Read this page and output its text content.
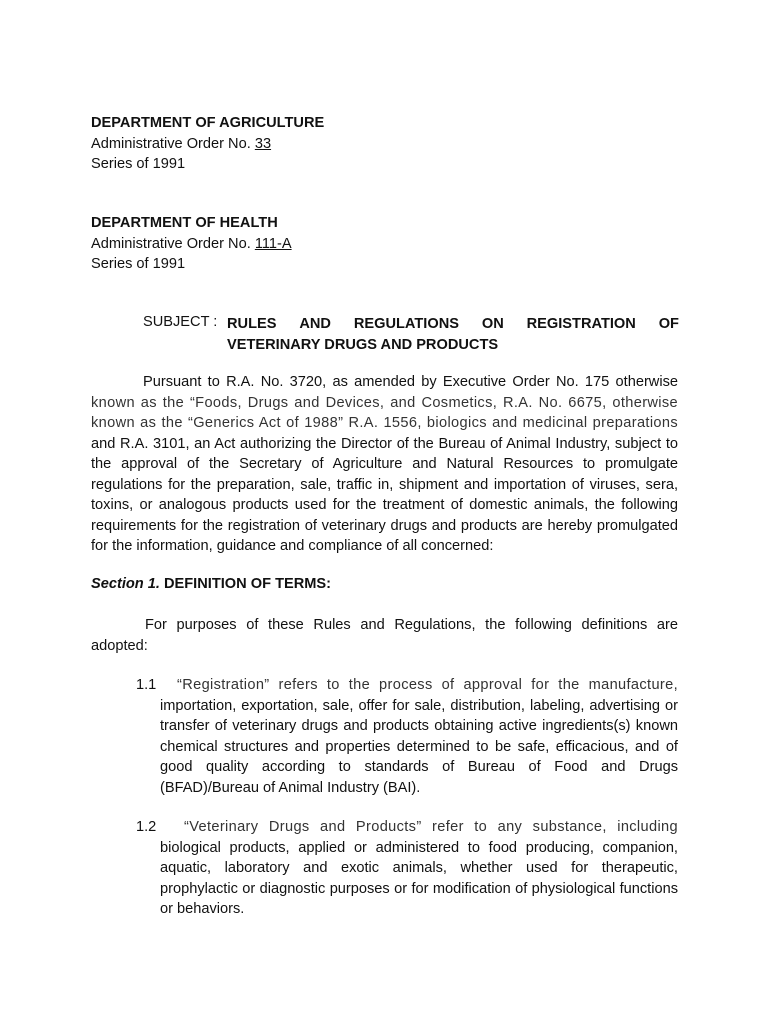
DEPARTMENT OF AGRICULTURE
Administrative Order No. 33
Series of 1991
DEPARTMENT OF HEALTH
Administrative Order No. 111-A
Series of 1991
SUBJECT : RULES AND REGULATIONS ON REGISTRATION OF
VETERINARY DRUGS AND PRODUCTS
Pursuant to R.A. No. 3720, as amended by Executive Order No. 175 otherwise known as the “Foods, Drugs and Devices, and Cosmetics, R.A. No. 6675, otherwise known as the “Generics Act of 1988” R.A. 1556, biologics and medicinal preparations and R.A. 3101, an Act authorizing the Director of the Bureau of Animal Industry, subject to the approval of the Secretary of Agriculture and Natural Resources to promulgate regulations for the preparation, sale, traffic in, shipment and importation of viruses, sera, toxins, or analogous products used for the treatment of domestic animals, the following requirements for the registration of veterinary drugs and products are hereby promulgated for the information, guidance and compliance of all concerned:
Section 1. DEFINITION OF TERMS:
For purposes of these Rules and Regulations, the following definitions are adopted:
1.1	“Registration” refers to the process of approval for the manufacture, importation, exportation, sale, offer for sale, distribution, labeling, advertising or transfer of veterinary drugs and products obtaining active ingredients(s) known chemical structures and properties determined to be safe, efficacious, and of good quality according to standards of Bureau of Food and Drugs (BFAD)/Bureau of Animal Industry (BAI).
1.2	“Veterinary Drugs and Products” refer to any substance, including biological products, applied or administered to food producing, companion, aquatic, laboratory and exotic animals, whether used for therapeutic, prophylactic or diagnostic purposes or for modification of physiological functions or behaviors.
